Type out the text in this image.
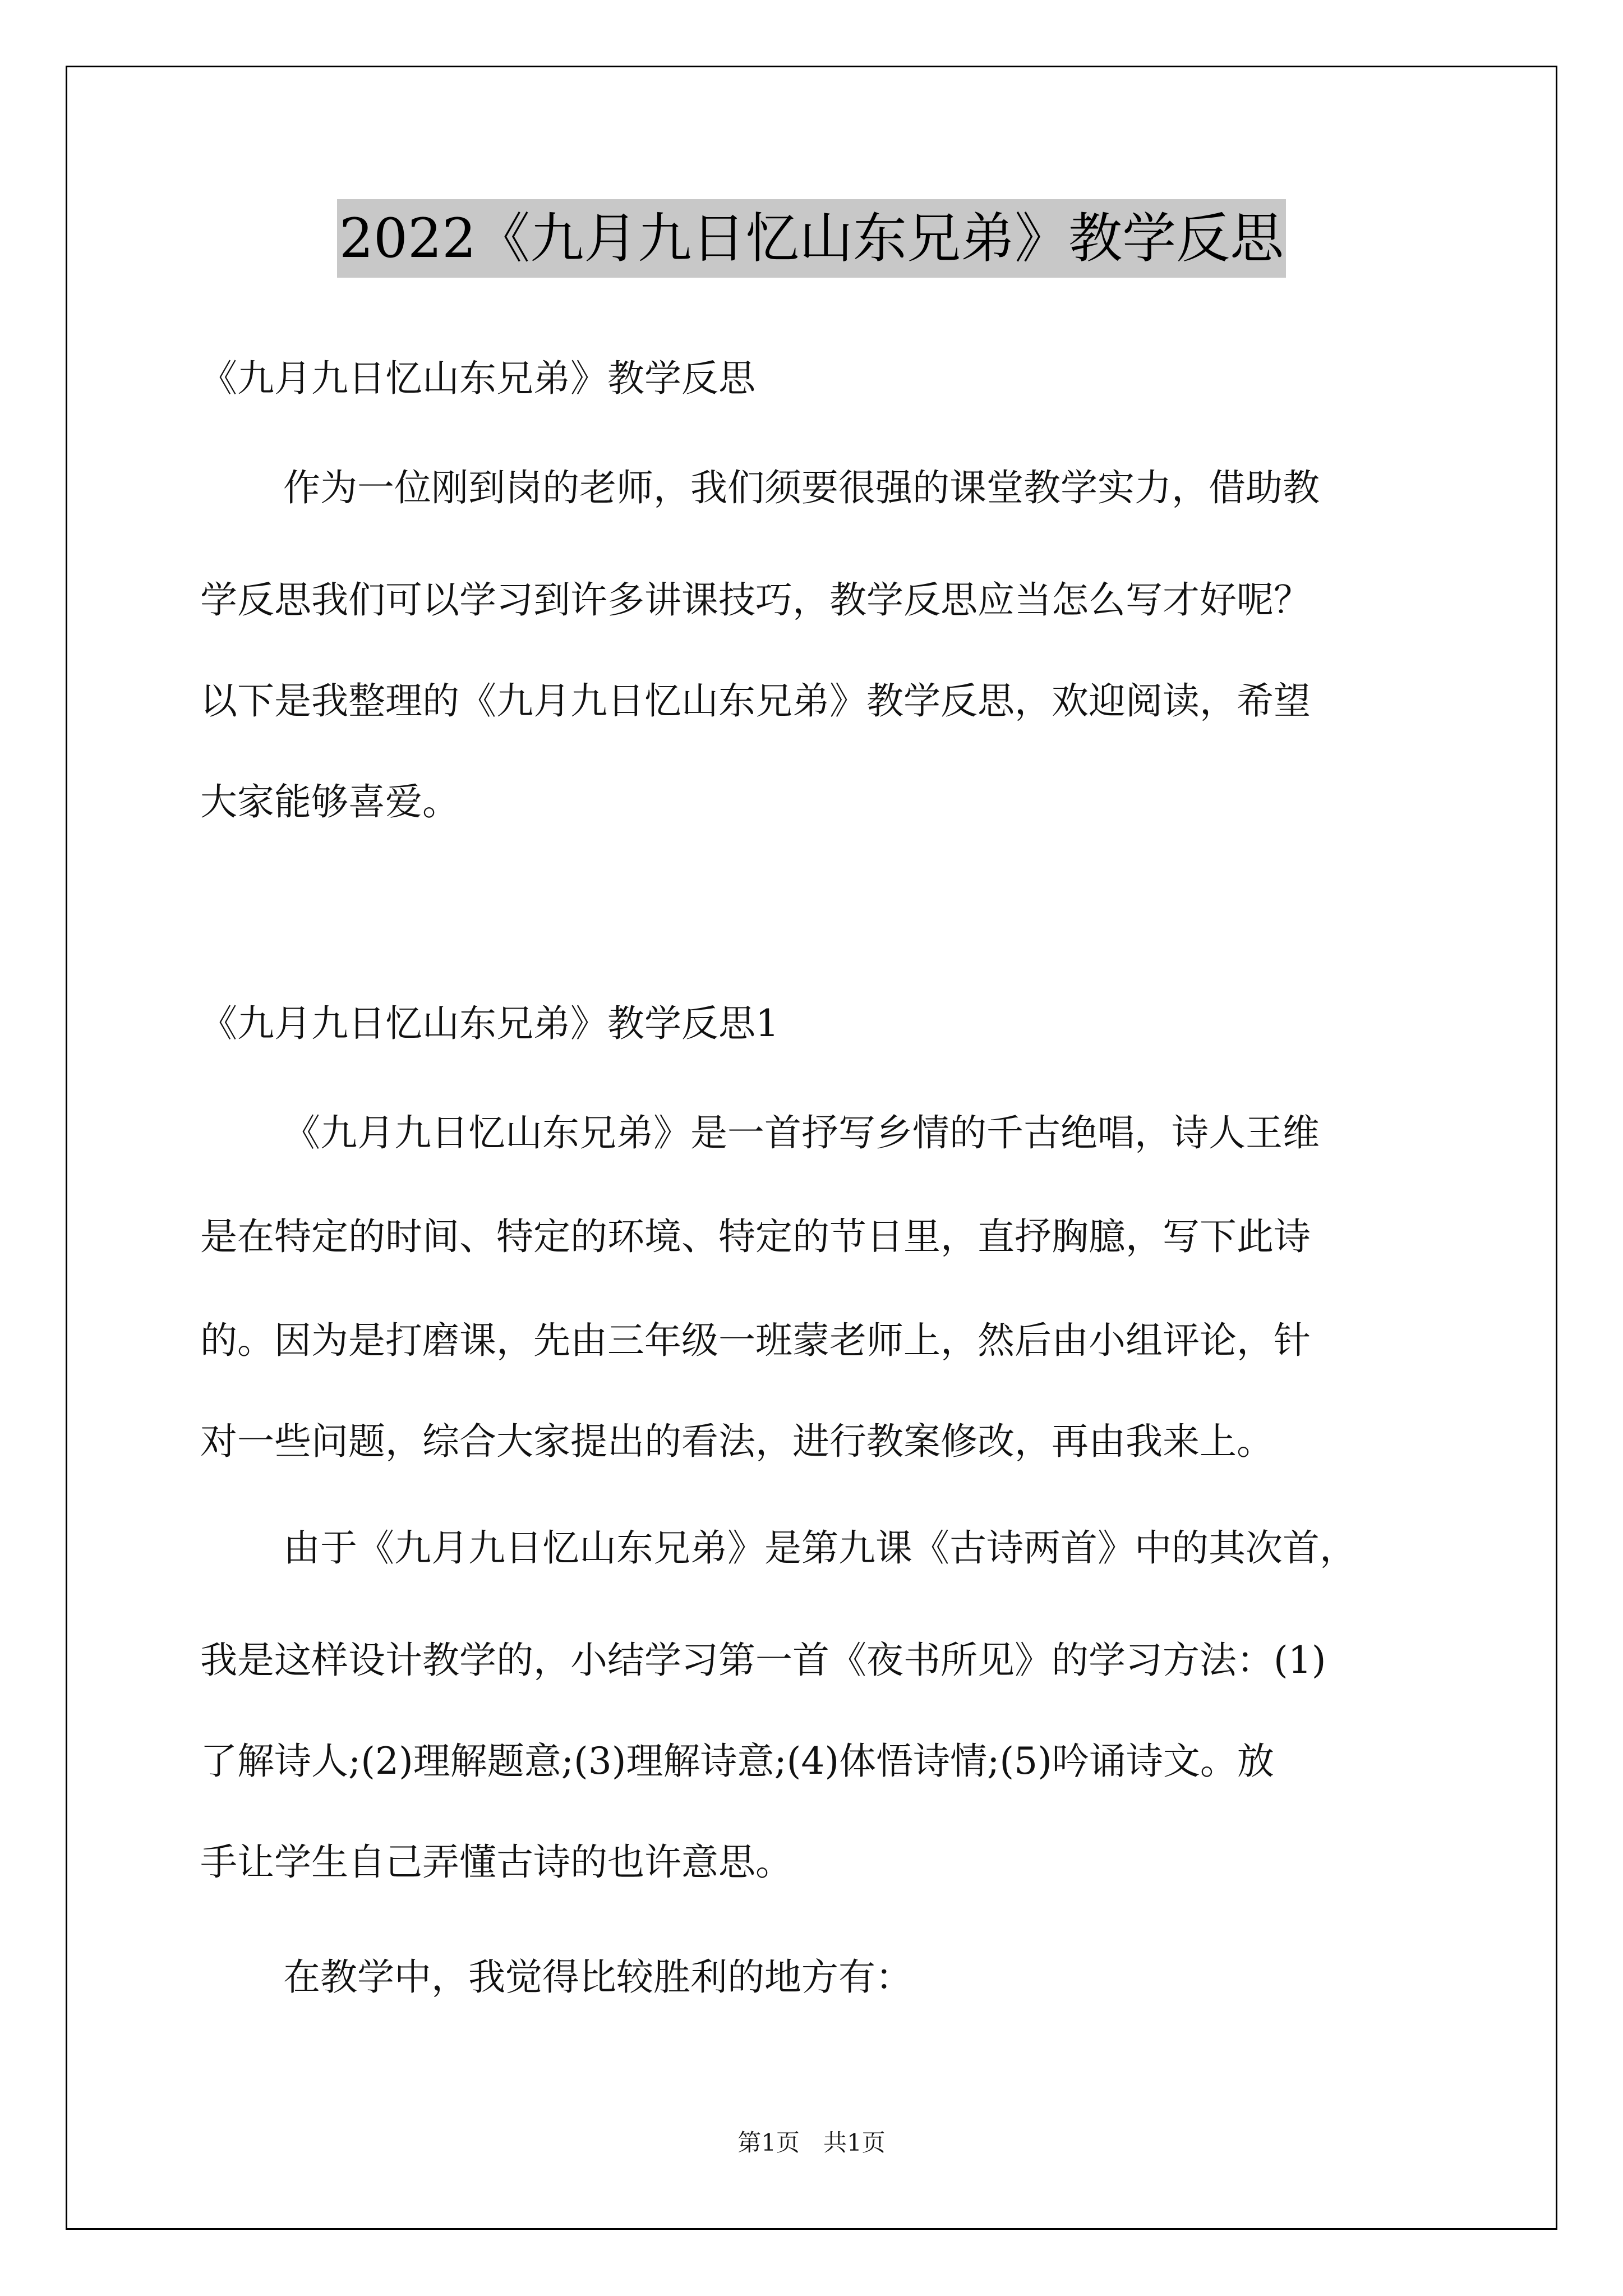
2022《九月九日忆山东兄弟》教学反思
《九月九日忆山东兄弟》教学反思
作为一位刚到岗的老师，我们须要很强的课堂教学实力，借助教
学反思我们可以学习到许多讲课技巧，教学反思应当怎么写才好呢？
以下是我整理的《九月九日忆山东兄弟》教学反思，欢迎阅读，希望
大家能够喜爱。
《九月九日忆山东兄弟》教学反思1
《九月九日忆山东兄弟》是一首抒写乡情的千古绝唱，诗人王维
是在特定的时间、特定的环境、特定的节日里，直抒胸臆，写下此诗
的。因为是打磨课，先由三年级一班蒙老师上，然后由小组评论，针
对一些问题，综合大家提出的看法，进行教案修改，再由我来上。
由于《九月九日忆山东兄弟》是第九课《古诗两首》中的其次首，
我是这样设计教学的，小结学习第一首《夜书所见》的学习方法：(1)
了解诗人;(2)理解题意;(3)理解诗意;(4)体悟诗情;(5)吟诵诗文。放
手让学生自己弄懂古诗的也许意思。
在教学中，我觉得比较胜利的地方有：
第1页　共1页
